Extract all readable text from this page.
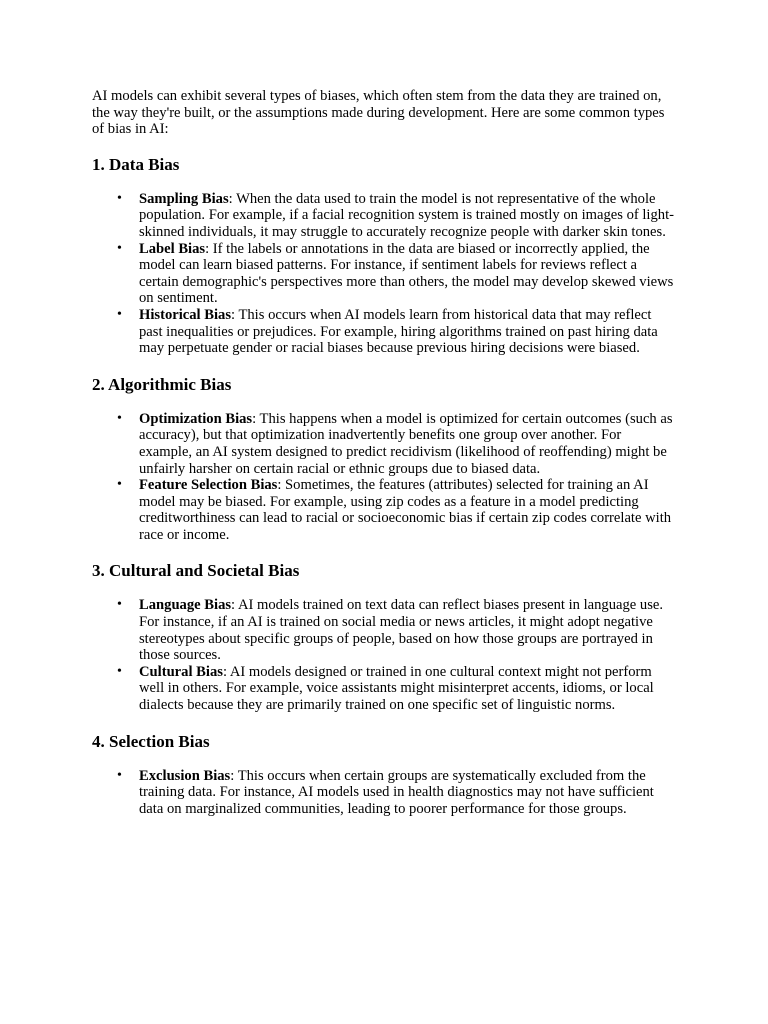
AI models can exhibit several types of biases, which often stem from the data they are trained on, the way they're built, or the assumptions made during development. Here are some common types of bias in AI:

1. Data Bias
• Sampling Bias: When the data used to train the model is not representative of the whole population. For example, if a facial recognition system is trained mostly on images of light-skinned individuals, it may struggle to accurately recognize people with darker skin tones.
• Label Bias: If the labels or annotations in the data are biased or incorrectly applied, the model can learn biased patterns. For instance, if sentiment labels for reviews reflect a certain demographic's perspectives more than others, the model may develop skewed views on sentiment.
• Historical Bias: This occurs when AI models learn from historical data that may reflect past inequalities or prejudices. For example, hiring algorithms trained on past hiring data may perpetuate gender or racial biases because previous hiring decisions were biased.
2. Algorithmic Bias
• Optimization Bias: This happens when a model is optimized for certain outcomes (such as accuracy), but that optimization inadvertently benefits one group over another. For example, an AI system designed to predict recidivism (likelihood of reoffending) might be unfairly harsher on certain racial or ethnic groups due to biased data.
• Feature Selection Bias: Sometimes, the features (attributes) selected for training an AI model may be biased. For example, using zip codes as a feature in a model predicting creditworthiness can lead to racial or socioeconomic bias if certain zip codes correlate with race or income.
3. Cultural and Societal Bias
• Language Bias: AI models trained on text data can reflect biases present in language use. For instance, if an AI is trained on social media or news articles, it might adopt negative stereotypes about specific groups of people, based on how those groups are portrayed in those sources.
• Cultural Bias: AI models designed or trained in one cultural context might not perform well in others. For example, voice assistants might misinterpret accents, idioms, or local dialects because they are primarily trained on one specific set of linguistic norms.
4. Selection Bias
• Exclusion Bias: This occurs when certain groups are systematically excluded from the training data. For instance, AI models used in health diagnostics may not have sufficient data on marginalized communities, leading to poorer performance for those groups.
